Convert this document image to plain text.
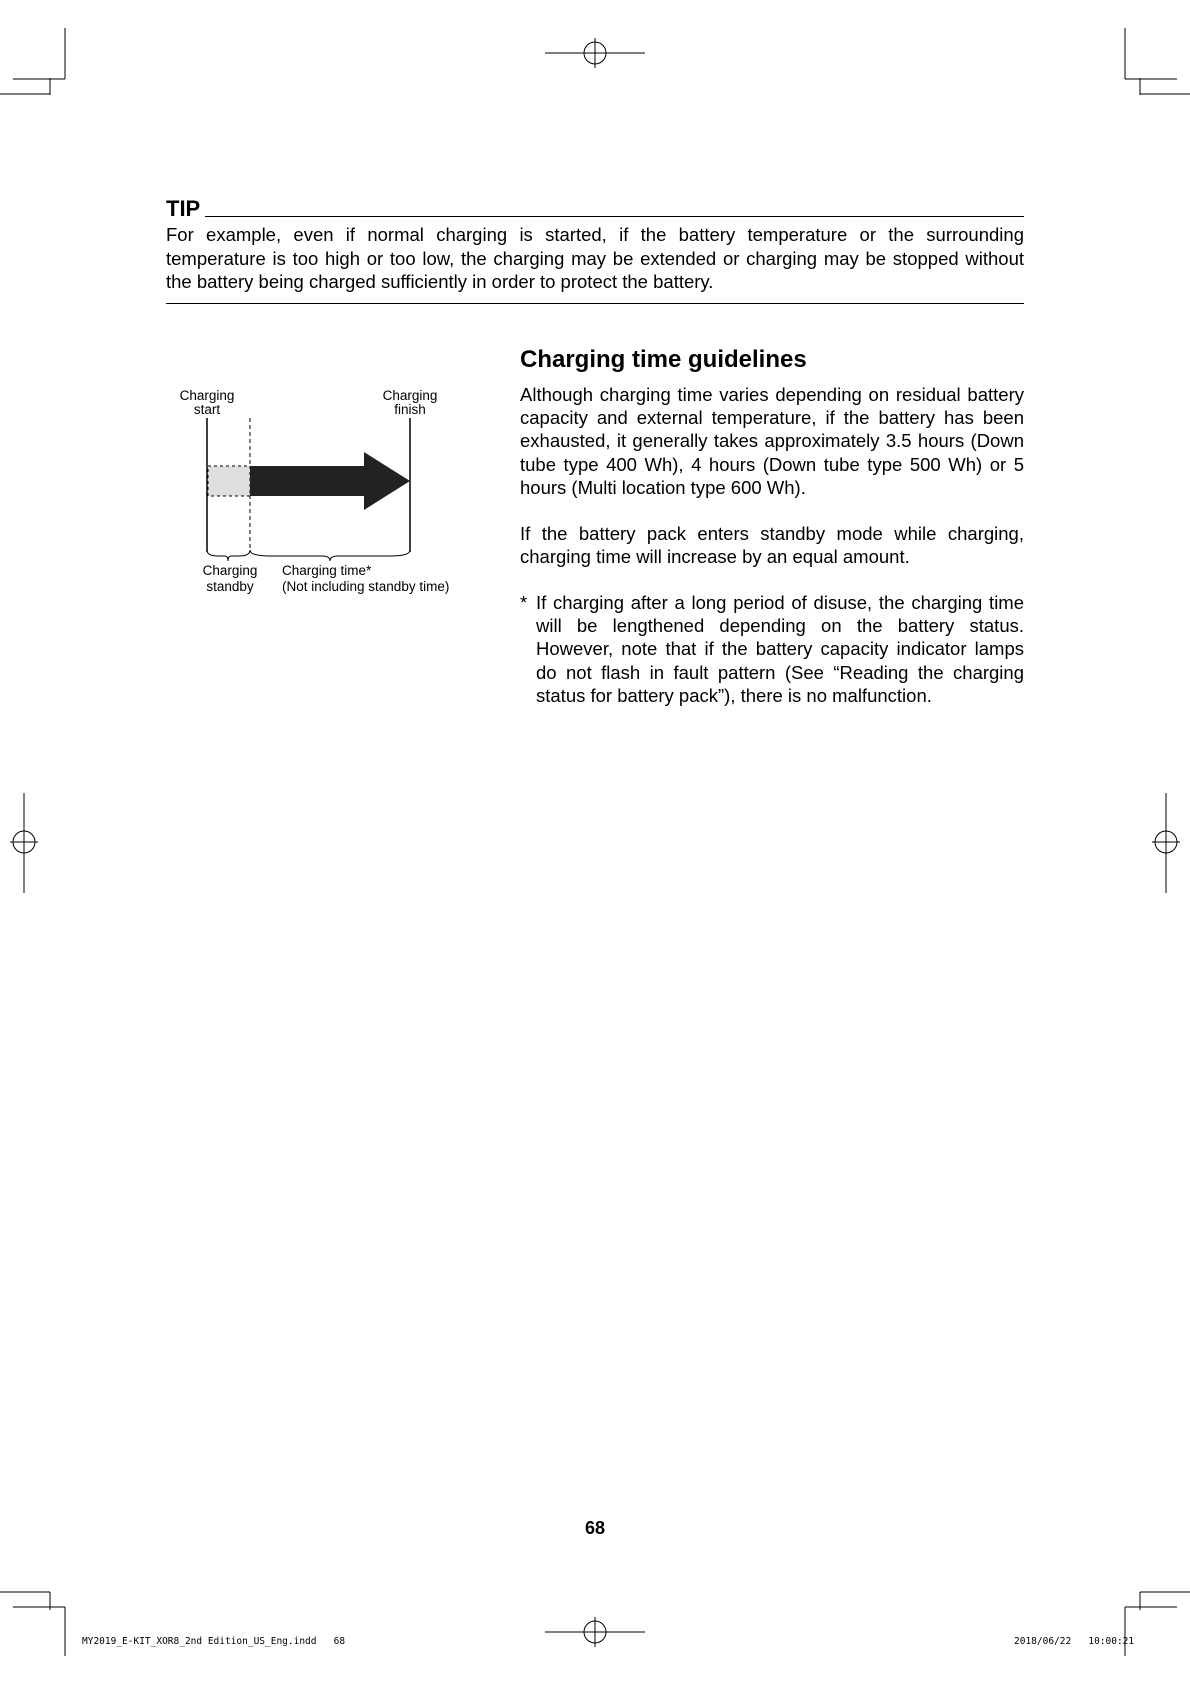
TIP
For example, even if normal charging is started, if the battery temperature or the surrounding temperature is too high or too low, the charging may be extended or charging may be stopped without the battery being charged sufficiently in order to protect the battery.
Charging
start
Charging
finish
Charging
standby
Charging time*
(Not including standby time)
Charging time guidelines
Although charging time varies depending on residual battery capacity and external temperature, if the battery has been exhausted, it generally takes approximately 3.5 hours (Down tube type 400 Wh), 4 hours (Down tube type 500 Wh) or 5 hours (Multi location type 600 Wh).
If the battery pack enters standby mode while charging, charging time will increase by an equal amount.
* If charging after a long period of disuse, the charging time will be lengthened depending on the battery status. However, note that if the battery capacity indicator lamps do not flash in fault pattern (See “Reading the charging status for battery pack”), there is no malfunction.
68
MY2019_E-KIT_XOR8_2nd Edition_US_Eng.indd   68	2018/06/22   10:00:21
